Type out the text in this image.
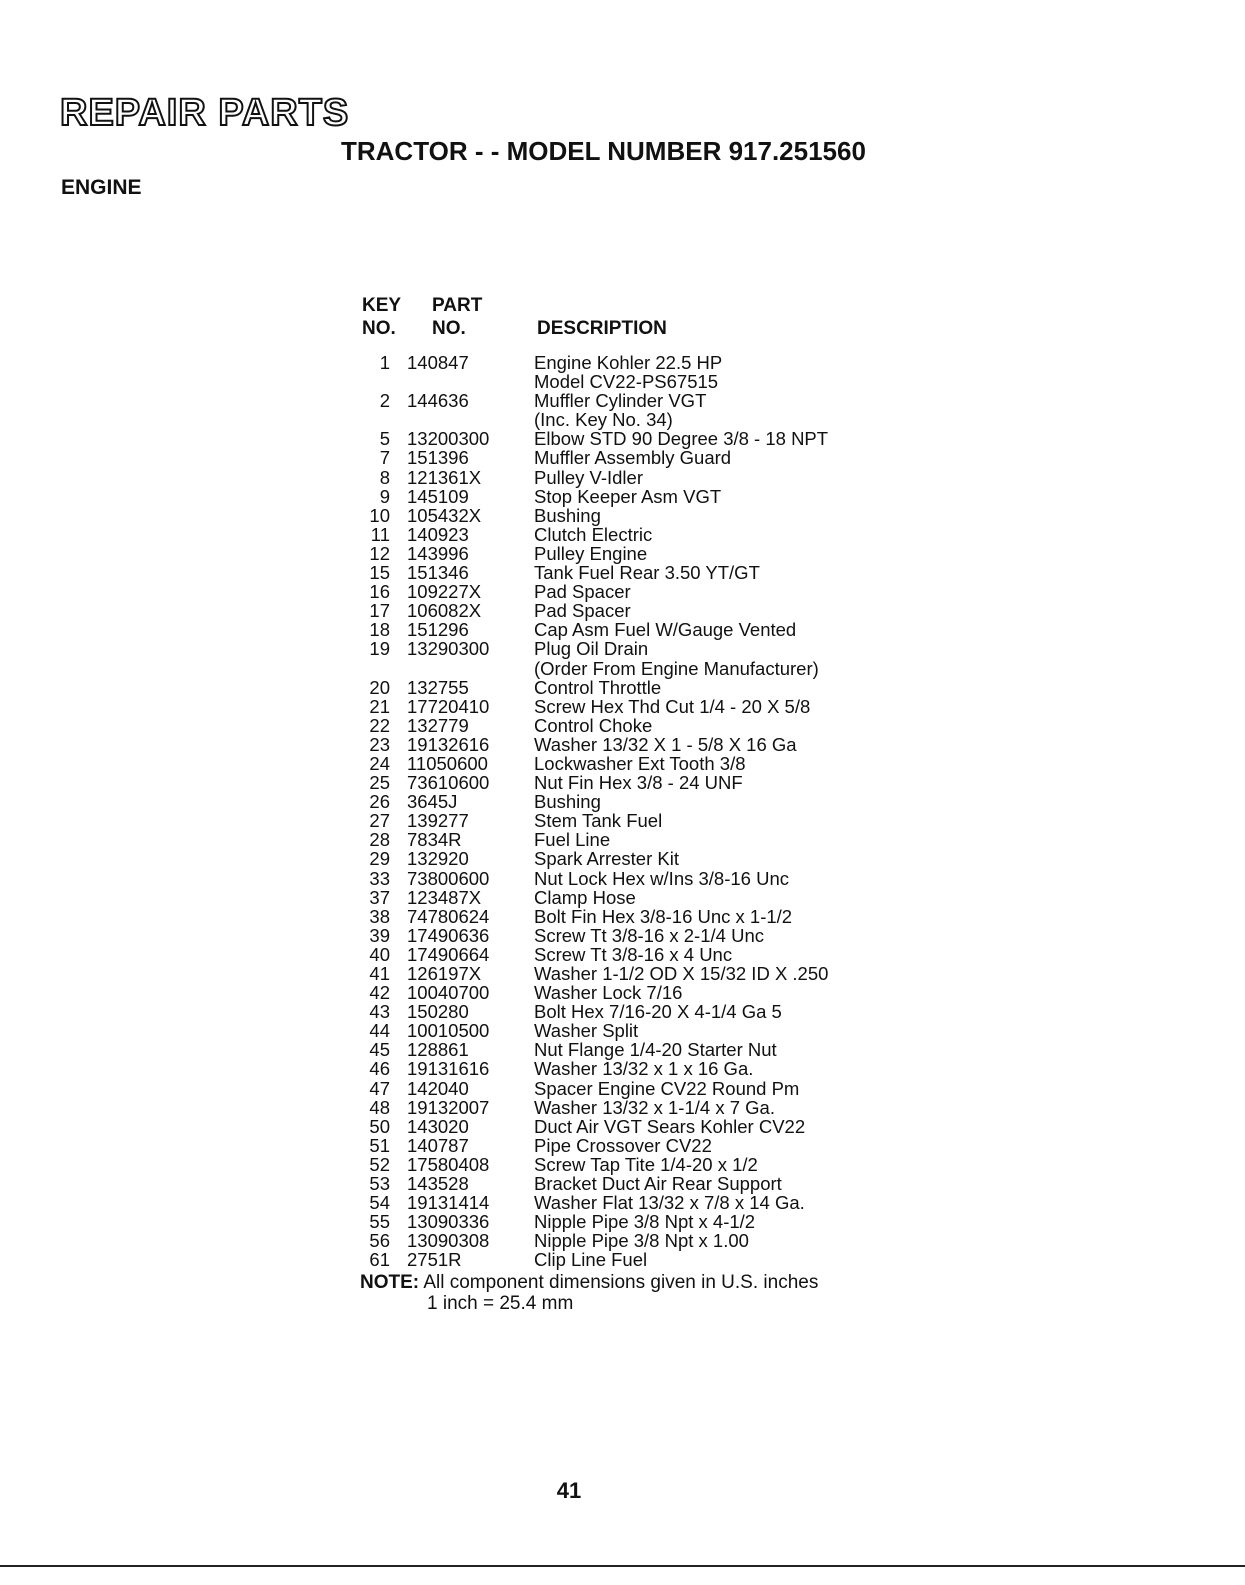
REPAIR PARTS
TRACTOR - - MODEL NUMBER 917.251560
ENGINE
KEY
NO.
PART
NO.	DESCRIPTION
1 140847	Engine Kohler 22.5 HP
Model CV22-PS67515
2 144636	Muffler Cylinder VGT
(Inc. Key No. 34)
5 13200300	Elbow STD 90 Degree 3/8 - 18 NPT
7 151396	Muffler Assembly Guard
8 121361X	Pulley V-Idler
9 145109	Stop Keeper Asm VGT
10 105432X	Bushing
11 140923	Clutch Electric
12 143996	Pulley Engine
15 151346	Tank Fuel Rear 3.50 YT/GT
16 109227X	Pad Spacer
17 106082X	Pad Spacer
18 151296	Cap Asm Fuel W/Gauge Vented
19 13290300	Plug Oil Drain
(Order From Engine Manufacturer)
20 132755	Control Throttle
21 17720410	Screw Hex Thd Cut 1/4 - 20 X 5/8
22 132779	Control Choke
23 19132616	Washer 13/32 X 1 - 5/8 X 16 Ga
24 11050600	Lockwasher Ext Tooth 3/8
25 73610600	Nut Fin Hex 3/8 - 24 UNF
26 3645J	Bushing
27 139277	Stem Tank Fuel
28 7834R	Fuel Line
29 132920	Spark Arrester Kit
33 73800600	Nut Lock Hex w/Ins 3/8-16 Unc
37 123487X	Clamp Hose
38 74780624	Bolt Fin Hex 3/8-16 Unc x 1-1/2
39 17490636	Screw Tt 3/8-16 x 2-1/4 Unc
40 17490664	Screw Tt 3/8-16 x 4 Unc
41 126197X	Washer 1-1/2 OD X 15/32 ID X .250
42 10040700	Washer Lock 7/16
43 150280	Bolt Hex 7/16-20 X 4-1/4 Ga 5
44 10010500	Washer Split
45 128861	Nut Flange 1/4-20 Starter Nut
46 19131616	Washer 13/32 x 1 x 16 Ga.
47 142040	Spacer Engine CV22 Round Pm
48 19132007	Washer 13/32 x 1-1/4 x 7 Ga.
50 143020	Duct Air VGT Sears Kohler CV22
51 140787	Pipe Crossover CV22
52 17580408	Screw Tap Tite 1/4-20 x 1/2
53 143528	Bracket Duct Air Rear Support
54 19131414	Washer Flat 13/32 x 7/8 x 14 Ga.
55 13090336	Nipple Pipe 3/8 Npt x 4-1/2
56 13090308	Nipple Pipe 3/8 Npt x 1.00
61 2751R	Clip Line Fuel
NOTE: All component dimensions given in U.S. inches
1 inch = 25.4 mm
41
